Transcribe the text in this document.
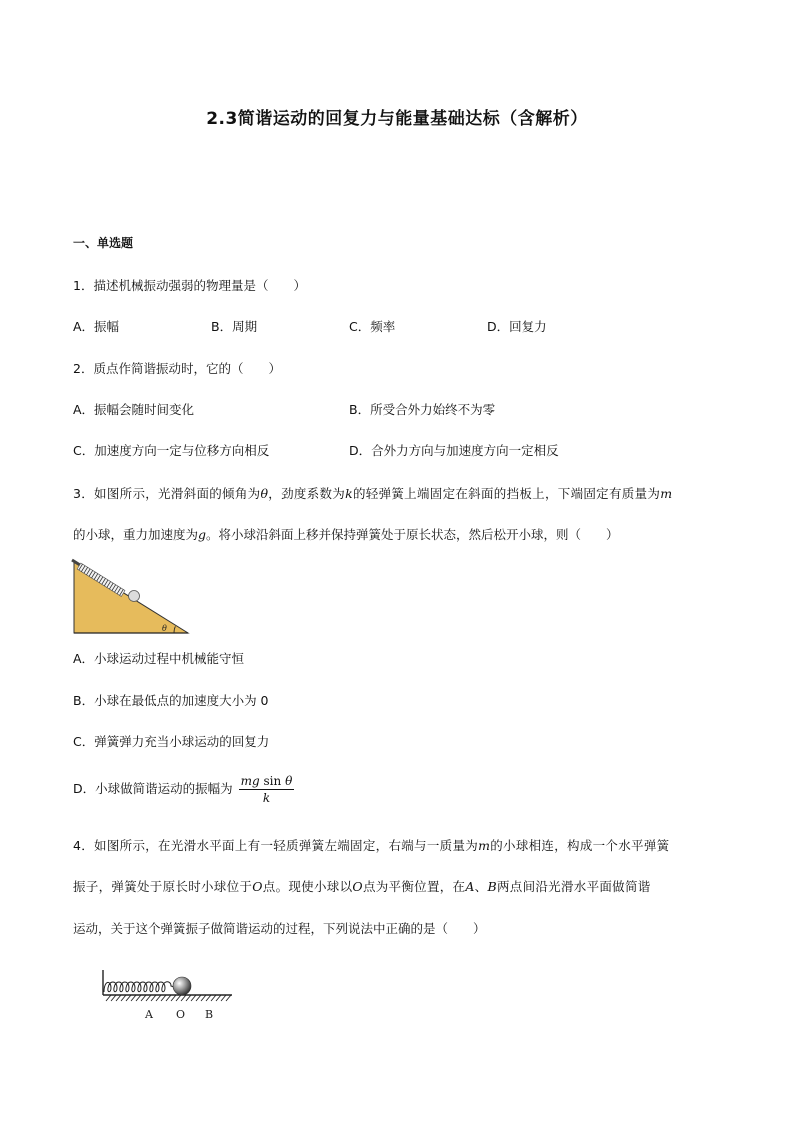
2.3简谐运动的回复力与能量基础达标（含解析）
一、单选题
1．描述机械振动强弱的物理量是（　　）
A．振幅	B．周期	C．频率	D．回复力
2．质点作简谐振动时，它的（　　）
A．振幅会随时间变化	B．所受合外力始终不为零
C．加速度方向一定与位移方向相反	D．合外力方向与加速度方向一定相反
3．如图所示，光滑斜面的倾角为θ，劲度系数为k的轻弹簧上端固定在斜面的挡板上，下端固定有质量为m
的小球，重力加速度为g。将小球沿斜面上移并保持弹簧处于原长状态，然后松开小球，则（　　）
θ
A．小球运动过程中机械能守恒
B．小球在最低点的加速度大小为 0
C．弹簧弹力充当小球运动的回复力
D．小球做简谐运动的振幅为 $\frac{\text{mg sin θ}}{k}$
4．如图所示，在光滑水平面上有一轻质弹簧左端固定，右端与一质量为m的小球相连，构成一个水平弹簧
振子，弹簧处于原长时小球位于O点。现使小球以O点为平衡位置，在A、B两点间沿光滑水平面做简谐
运动，关于这个弹簧振子做简谐运动的过程，下列说法中正确的是（　　）
A O B
